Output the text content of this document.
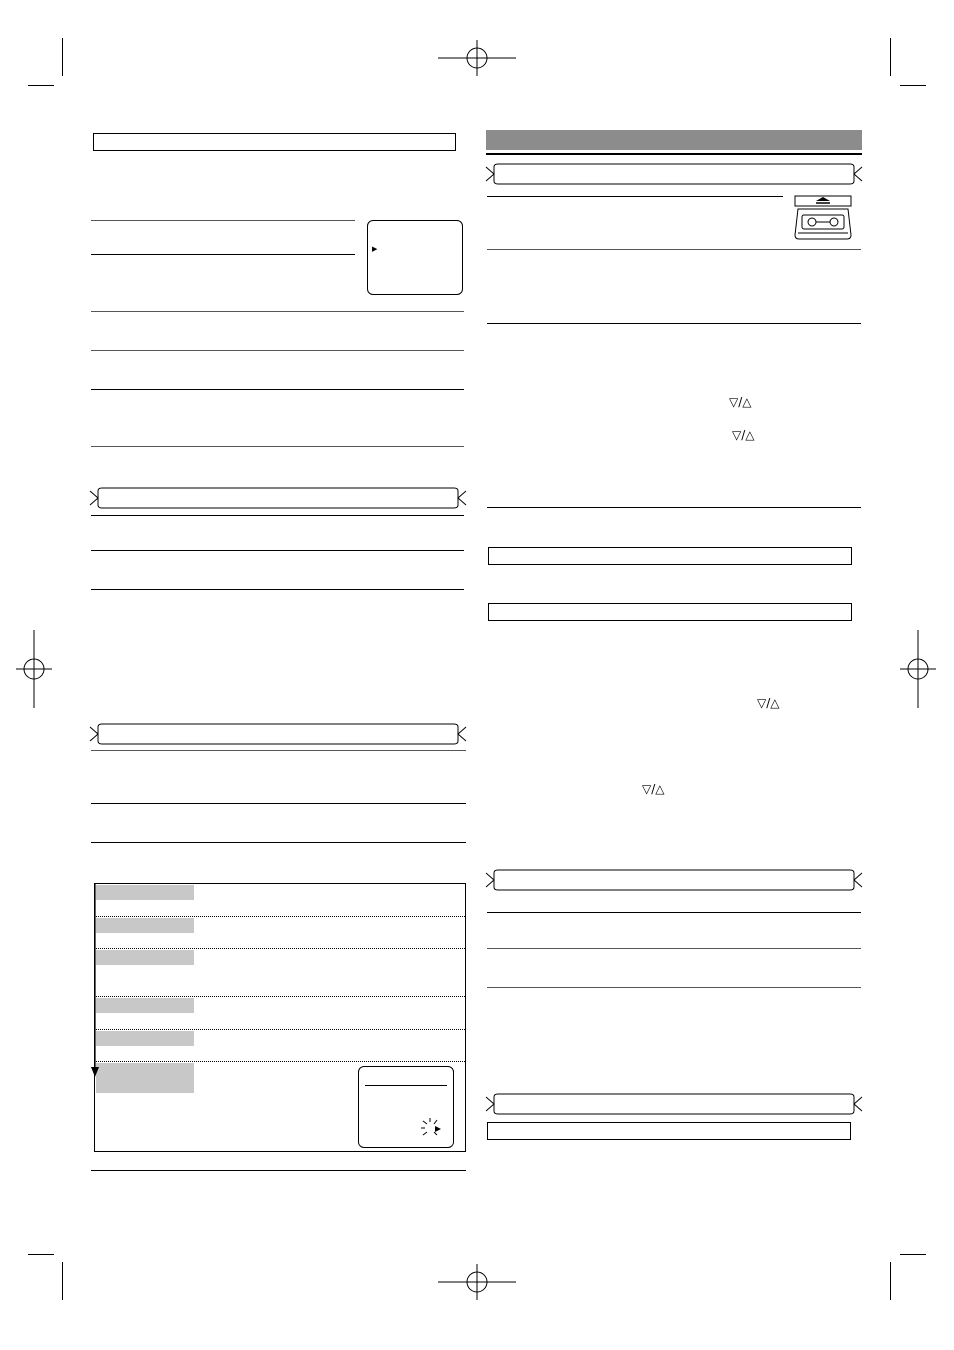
▶
▽/△
▽/△
▽/△
▽/△
